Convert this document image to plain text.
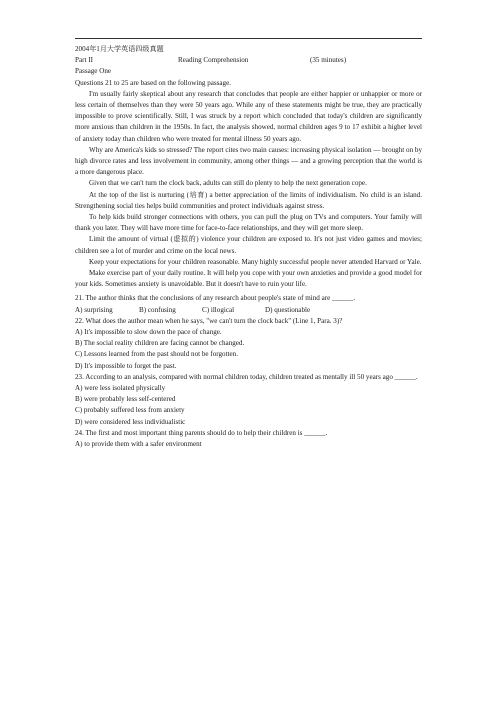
2004年1月大学英语四级真题
Part II	Reading Comprehension	(35 minutes)
Passage One
Questions 21 to 25 are based on the following passage.
I'm usually fairly skeptical about any research that concludes that people are either happier or unhappier or more or less certain of themselves than they were 50 years ago. While any of these statements might be true, they are practically impossible to prove scientifically. Still, I was struck by a report which concluded that today's children are significantly more anxious than children in the 1950s. In fact, the analysis showed, normal children ages 9 to 17 exhibit a higher level of anxiety today than children who were treated for mental illness 50 years ago.
Why are America's kids so stressed? The report cites two main causes: increasing physical isolation — brought on by high divorce rates and less involvement in community, among other things — and a growing perception that the world is a more dangerous place.
Given that we can't turn the clock back, adults can still do plenty to help the next generation cope.
At the top of the list is nurturing (培育) a better appreciation of the limits of individualism. No child is an island. Strengthening social ties helps build communities and protect individuals against stress.
To help kids build stronger connections with others, you can pull the plug on TVs and computers. Your family will thank you later. They will have more time for face-to-face relationships, and they will get more sleep.
Limit the amount of virtual (虚拟的) violence your children are exposed to. It's not just video games and movies; children see a lot of murder and crime on the local news.
Keep your expectations for your children reasonable. Many highly successful people never attended Harvard or Yale.
Make exercise part of your daily routine. It will help you cope with your own anxieties and provide a good model for your kids. Sometimes anxiety is unavoidable. But it doesn't have to ruin your life.
21. The author thinks that the conclusions of any research about people's state of mind are ______.
A) surprising	B) confusing	C) illogical	D) questionable
22. What does the author mean when he says, "we can't turn the clock back" (Line 1, Para. 3)?
A) It's impossible to slow down the pace of change.
B) The social reality children are facing cannot be changed.
C) Lessons learned from the past should not be forgotten.
D) It's impossible to forget the past.
23. According to an analysis, compared with normal children today, children treated as mentally ill 50 years ago ______.
A) were less isolated physically
B) were probably less self-centered
C) probably suffered less from anxiety
D) were considered less individualistic
24. The first and most important thing parents should do to help their children is ______.
A) to provide them with a safer environment
